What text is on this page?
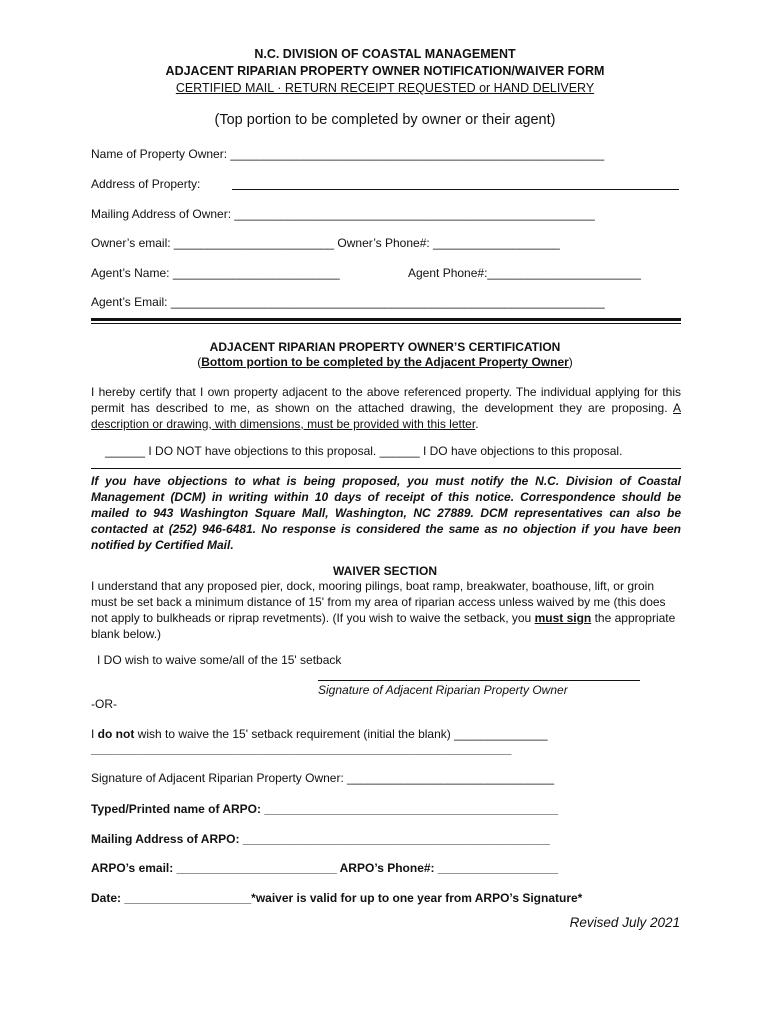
N.C. DIVISION OF COASTAL MANAGEMENT
ADJACENT RIPARIAN PROPERTY OWNER NOTIFICATION/WAIVER FORM
CERTIFIED MAIL · RETURN RECEIPT REQUESTED or HAND DELIVERY
(Top portion to be completed by owner or their agent)
Name of Property Owner: ________________________________________________________
Address of Property:
Mailing Address of Owner: ______________________________________________________
Owner’s email: ________________________ Owner’s Phone#: ___________________
Agent’s Name: _________________________	Agent Phone#:_______________________
Agent’s Email: _________________________________________________________________
ADJACENT RIPARIAN PROPERTY OWNER’S CERTIFICATION
(Bottom portion to be completed by the Adjacent Property Owner)
I hereby certify that I own property adjacent to the above referenced property. The individual applying for this permit has described to me, as shown on the attached drawing, the development they are proposing. A description or drawing, with dimensions, must be provided with this letter.
______ I DO NOT have objections to this proposal. ______ I DO have objections to this proposal.
If you have objections to what is being proposed, you must notify the N.C. Division of Coastal Management (DCM) in writing within 10 days of receipt of this notice. Correspondence should be mailed to 943 Washington Square Mall, Washington, NC 27889. DCM representatives can also be contacted at (252) 946-6481. No response is considered the same as no objection if you have been notified by Certified Mail.
WAIVER SECTION
I understand that any proposed pier, dock, mooring pilings, boat ramp, breakwater, boathouse, lift, or groin must be set back a minimum distance of 15' from my area of riparian access unless waived by me (this does not apply to bulkheads or riprap revetments). (If you wish to waive the setback, you must sign the appropriate blank below.)
I DO wish to waive some/all of the 15' setback
Signature of Adjacent Riparian Property Owner
-OR-
I do not wish to waive the 15' setback requirement (initial the blank) ______________
_______________________________________________________________
Signature of Adjacent Riparian Property Owner: _______________________________
Typed/Printed name of ARPO: ____________________________________________
Mailing Address of ARPO: ______________________________________________
ARPO’s email: ________________________ ARPO’s Phone#: __________________
Date: ___________________*waiver is valid for up to one year from ARPO’s Signature*
Revised July 2021
